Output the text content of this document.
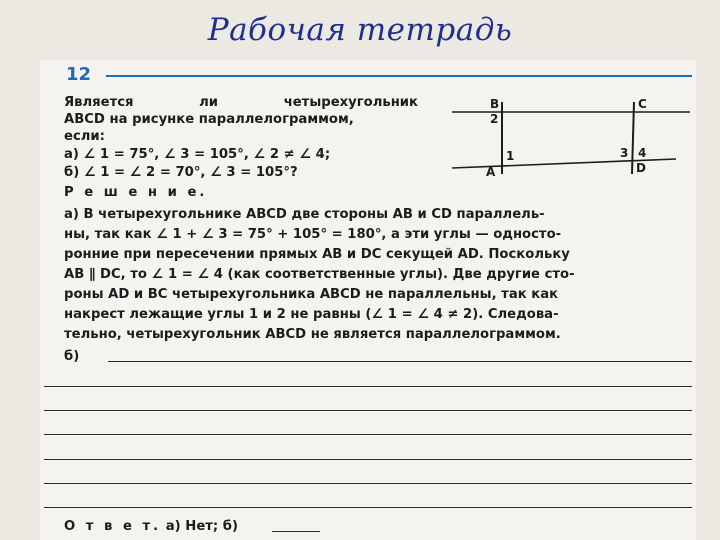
Рабочая тетрадь
12
Является	ли	четырехугольник
ABCD на рисунке параллелограммом,
если:
а) ∠ 1 = 75°, ∠ 3 = 105°, ∠ 2 ≠ ∠ 4;
б) ∠ 1 = ∠ 2 = 70°, ∠ 3 = 105°?
B
2
C
1
A
3 4
D
Р е ш е н и е.
а) В четырехугольнике ABCD две стороны AB и CD параллель-
ны, так как ∠ 1 + ∠ 3 = 75° + 105° = 180°, а эти углы — односто-
ронние при пересечении прямых AB и DC секущей AD. Поскольку
AB ∥ DC, то ∠ 1 = ∠ 4 (как соответственные углы). Две другие сто-
роны AD и BC четырехугольника ABCD не параллельны, так как
накрест лежащие углы 1 и 2 не равны (∠ 1 = ∠ 4 ≠ 2). Следова-
тельно, четырехугольник ABCD не является параллелограммом.
б)
О т в е т. а) Нет; б)
